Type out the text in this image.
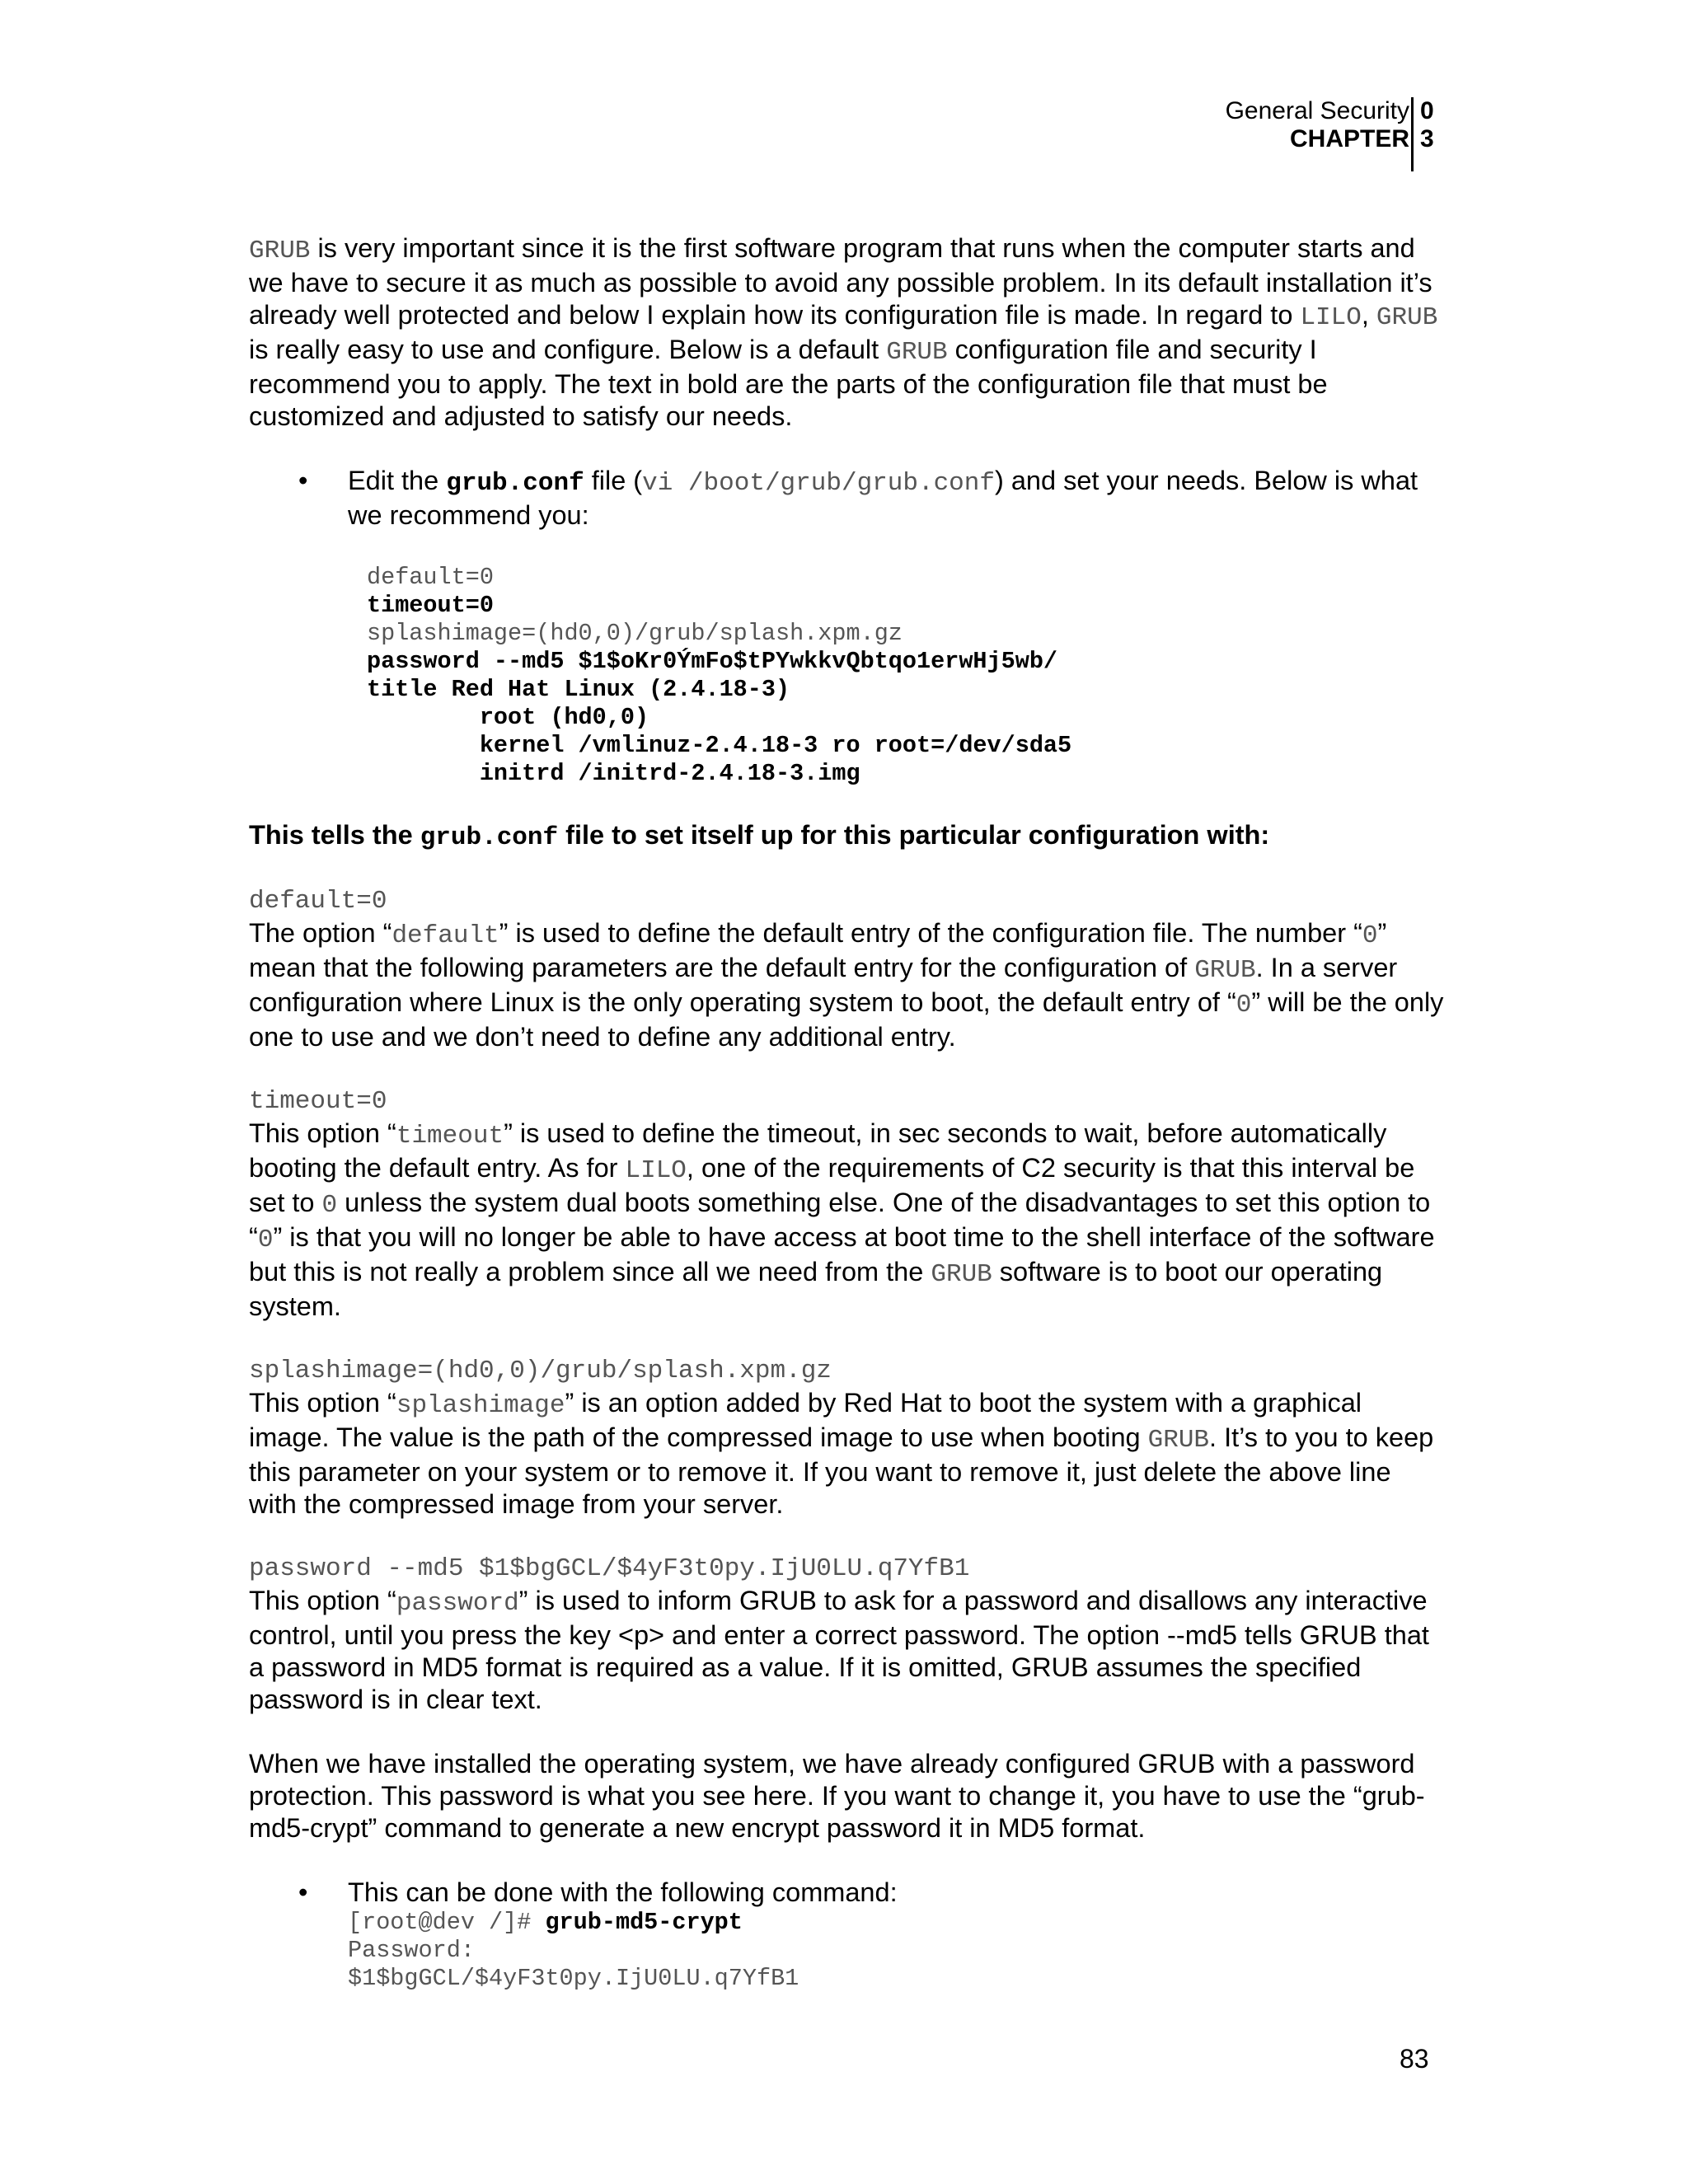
General Security
CHAPTER
0
3

GRUB is very important since it is the first software program that runs when the computer starts and we have to secure it as much as possible to avoid any possible problem. In its default installation it’s already well protected and below I explain how its configuration file is made. In regard to LILO, GRUB is really easy to use and configure. Below is a default GRUB configuration file and security I recommend you to apply. The text in bold are the parts of the configuration file that must be customized and adjusted to satisfy our needs.

• Edit the grub.conf file (vi /boot/grub/grub.conf) and set your needs. Below is what we recommend you:
default=0
timeout=0
splashimage=(hd0,0)/grub/splash.xpm.gz
password --md5 $1$oKr0ÝmFo$tPYwkkvQbtqo1erwHj5wb/
title Red Hat Linux (2.4.18-3)
root (hd0,0)
kernel /vmlinuz-2.4.18-3 ro root=/dev/sda5
initrd /initrd-2.4.18-3.img

This tells the grub.conf file to set itself up for this particular configuration with:

default=0

The option “default” is used to define the default entry of the configuration file. The number “0” mean that the following parameters are the default entry for the configuration of GRUB. In a server configuration where Linux is the only operating system to boot, the default entry of “0” will be the only one to use and we don’t need to define any additional entry.

timeout=0

This option “timeout” is used to define the timeout, in sec seconds to wait, before automatically booting the default entry. As for LILO, one of the requirements of C2 security is that this interval be set to 0 unless the system dual boots something else. One of the disadvantages to set this option to “0” is that you will no longer be able to have access at boot time to the shell interface of the software but this is not really a problem since all we need from the GRUB software is to boot our operating system.

splashimage=(hd0,0)/grub/splash.xpm.gz

This option “splashimage” is an option added by Red Hat to boot the system with a graphical image. The value is the path of the compressed image to use when booting GRUB. It’s to you to keep this parameter on your system or to remove it. If you want to remove it, just delete the above line with the compressed image from your server.

password --md5 $1$bgGCL/$4yF3t0py.IjU0LU.q7YfB1

This option “password” is used to inform GRUB to ask for a password and disallows any interactive control, until you press the key <p> and enter a correct password. The option --md5 tells GRUB that a password in MD5 format is required as a value. If it is omitted, GRUB assumes the specified password is in clear text.

When we have installed the operating system, we have already configured GRUB with a password protection. This password is what you see here. If you want to change it, you have to use the “grub-md5-crypt” command to generate a new encrypt password it in MD5 format.

• This can be done with the following command:
[root@dev /]# grub-md5-crypt
Password:
$1$bgGCL/$4yF3t0py.IjU0LU.q7YfB1
83
